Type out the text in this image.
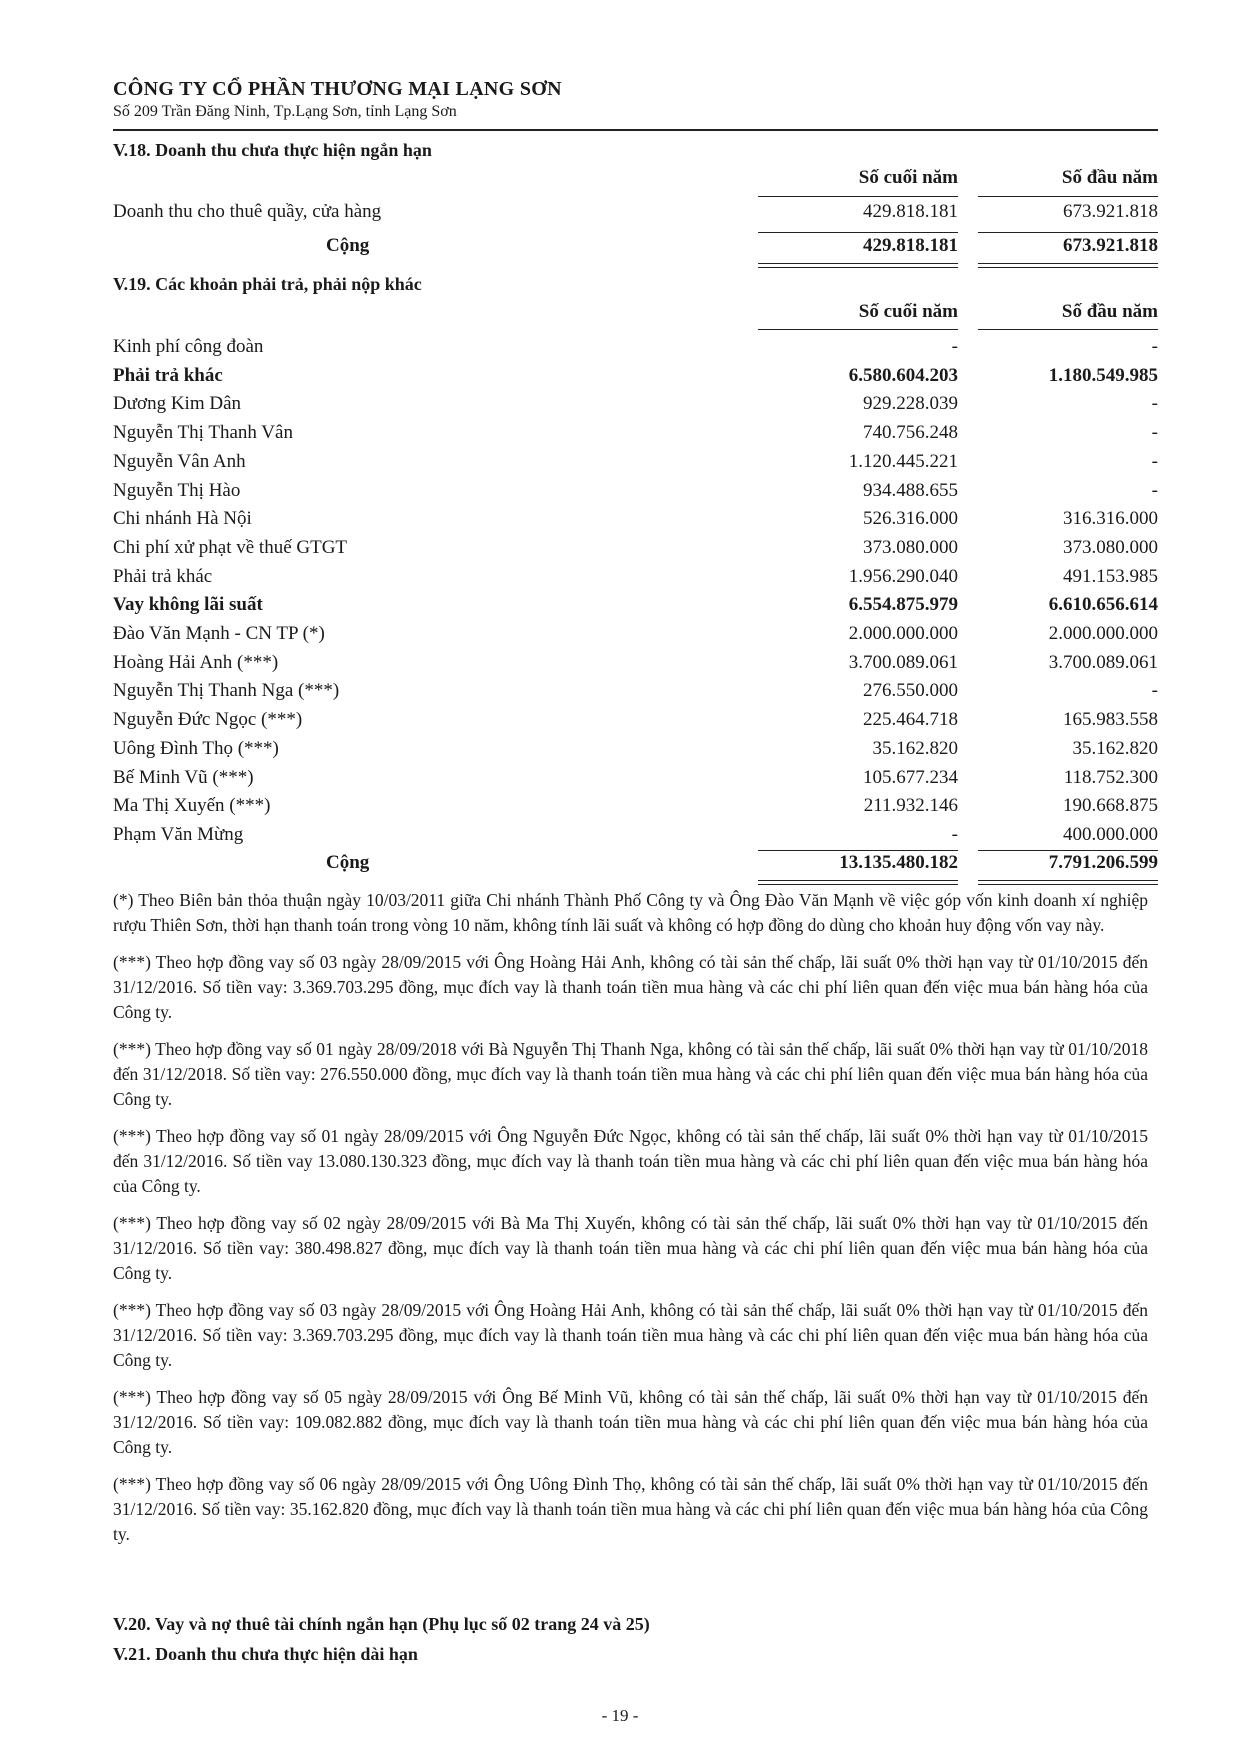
CÔNG TY CỔ PHẦN THƯƠNG MẠI LẠNG SƠN
Số 209 Trần Đăng Ninh, Tp.Lạng Sơn, tỉnh Lạng Sơn
V.18. Doanh thu chưa thực hiện ngắn hạn
Số cuối năm	Số đầu năm
Doanh thu cho thuê quầy, cửa hàng	429.818.181	673.921.818
Cộng	429.818.181	673.921.818
V.19. Các khoản phải trả, phải nộp khác
Số cuối năm	Số đầu năm
Kinh phí công đoàn	-	-
Phải trả khác	6.580.604.203	1.180.549.985
Dương Kim Dân	929.228.039	-
Nguyễn Thị Thanh Vân	740.756.248	-
Nguyễn Vân Anh	1.120.445.221	-
Nguyễn Thị Hào	934.488.655	-
Chi nhánh Hà Nội	526.316.000	316.316.000
Chi phí xử phạt về thuế GTGT	373.080.000	373.080.000
Phải trả khác	1.956.290.040	491.153.985
Vay không lãi suất	6.554.875.979	6.610.656.614
Đào Văn Mạnh - CN TP (*)	2.000.000.000	2.000.000.000
Hoàng Hải Anh (***)	3.700.089.061	3.700.089.061
Nguyễn Thị Thanh Nga (***)	276.550.000	-
Nguyễn Đức Ngọc (***)	225.464.718	165.983.558
Uông Đình Thọ (***)	35.162.820	35.162.820
Bế Minh Vũ (***)	105.677.234	118.752.300
Ma Thị Xuyến (***)	211.932.146	190.668.875
Phạm Văn Mừng	-	400.000.000
Cộng	13.135.480.182	7.791.206.599

(*) Theo Biên bản thỏa thuận ngày 10/03/2011 giữa Chi nhánh Thành Phố Công ty và Ông Đào Văn Mạnh về việc góp vốn kinh doanh xí nghiệp rượu Thiên Sơn, thời hạn thanh toán trong vòng 10 năm, không tính lãi suất và không có hợp đồng do dùng cho khoản huy động vốn vay này.

(***) Theo hợp đồng vay số 03 ngày 28/09/2015 với Ông Hoàng Hải Anh, không có tài sản thế chấp, lãi suất 0% thời hạn vay từ 01/10/2015 đến 31/12/2016. Số tiền vay: 3.369.703.295 đồng, mục đích vay là thanh toán tiền mua hàng và các chi phí liên quan đến việc mua bán hàng hóa của Công ty.

(***) Theo hợp đồng vay số 01 ngày 28/09/2018 với Bà Nguyễn Thị Thanh Nga, không có tài sản thế chấp, lãi suất 0% thời hạn vay từ 01/10/2018 đến 31/12/2018. Số tiền vay: 276.550.000 đồng, mục đích vay là thanh toán tiền mua hàng và các chi phí liên quan đến việc mua bán hàng hóa của Công ty.

(***) Theo hợp đồng vay số 01 ngày 28/09/2015 với Ông Nguyễn Đức Ngọc, không có tài sản thế chấp, lãi suất 0% thời hạn vay từ 01/10/2015 đến 31/12/2016. Số tiền vay 13.080.130.323 đồng, mục đích vay là thanh toán tiền mua hàng và các chi phí liên quan đến việc mua bán hàng hóa của Công ty.

(***) Theo hợp đồng vay số 02 ngày 28/09/2015 với Bà Ma Thị Xuyến, không có tài sản thế chấp, lãi suất 0% thời hạn vay từ 01/10/2015 đến 31/12/2016. Số tiền vay: 380.498.827 đồng, mục đích vay là thanh toán tiền mua hàng và các chi phí liên quan đến việc mua bán hàng hóa của Công ty.

(***) Theo hợp đồng vay số 03 ngày 28/09/2015 với Ông Hoàng Hải Anh, không có tài sản thế chấp, lãi suất 0% thời hạn vay từ 01/10/2015 đến 31/12/2016. Số tiền vay: 3.369.703.295 đồng, mục đích vay là thanh toán tiền mua hàng và các chi phí liên quan đến việc mua bán hàng hóa của Công ty.

(***) Theo hợp đồng vay số 05 ngày 28/09/2015 với Ông Bế Minh Vũ, không có tài sản thế chấp, lãi suất 0% thời hạn vay từ 01/10/2015 đến 31/12/2016. Số tiền vay: 109.082.882 đồng, mục đích vay là thanh toán tiền mua hàng và các chi phí liên quan đến việc mua bán hàng hóa của Công ty.

(***) Theo hợp đồng vay số 06 ngày 28/09/2015 với Ông Uông Đình Thọ, không có tài sản thế chấp, lãi suất 0% thời hạn vay từ 01/10/2015 đến 31/12/2016. Số tiền vay: 35.162.820 đồng, mục đích vay là thanh toán tiền mua hàng và các chi phí liên quan đến việc mua bán hàng hóa của Công ty.

V.20. Vay và nợ thuê tài chính ngắn hạn (Phụ lục số 02 trang 24 và 25)
V.21. Doanh thu chưa thực hiện dài hạn
- 19 -
